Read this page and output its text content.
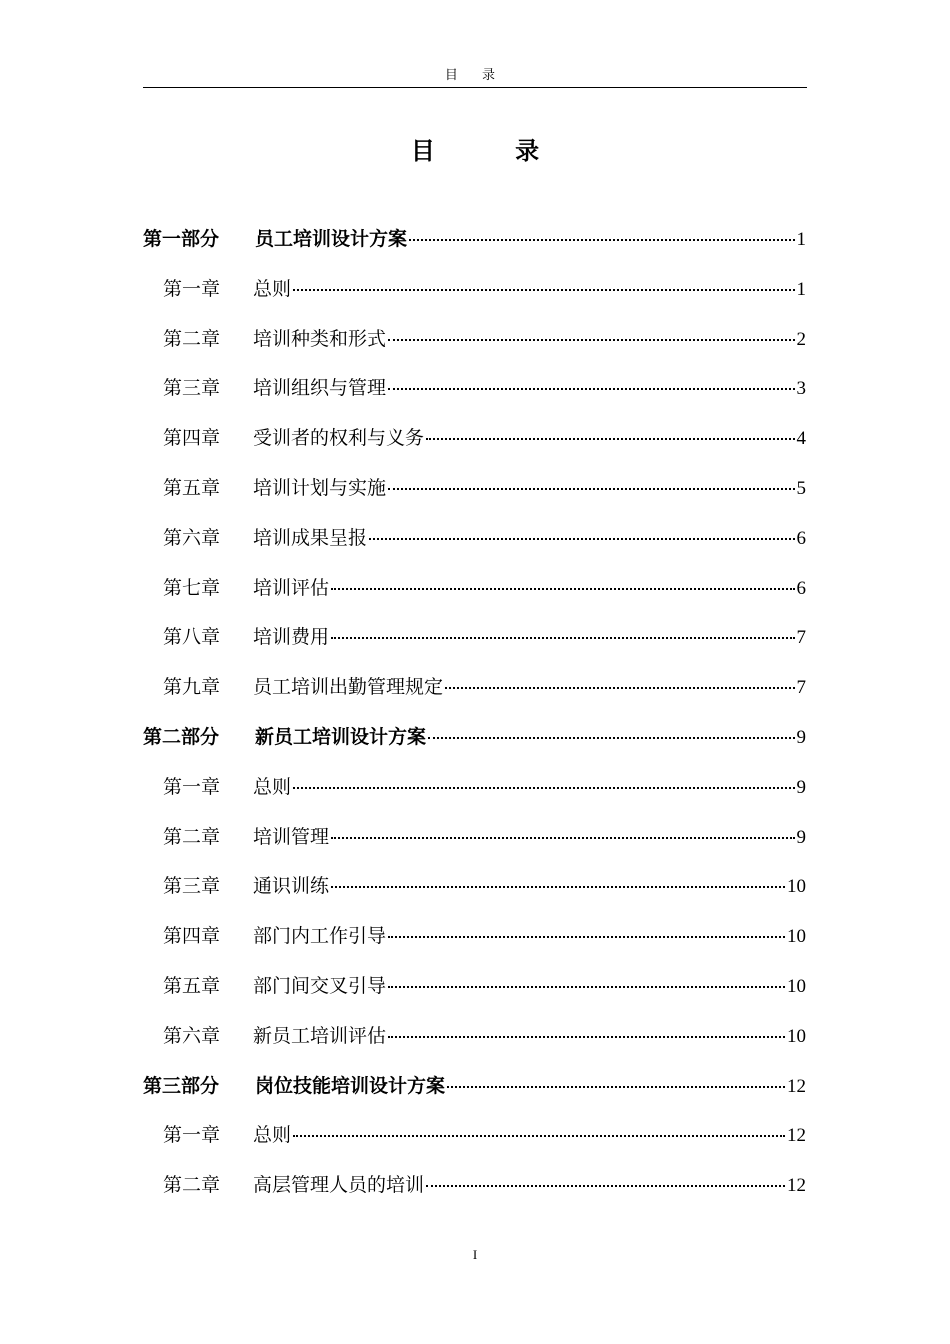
目 录
目 录
第一部分	员工培训设计方案	1
第一章	总则	1
第二章	培训种类和形式	2
第三章	培训组织与管理	3
第四章	受训者的权利与义务	4
第五章	培训计划与实施	5
第六章	培训成果呈报	6
第七章	培训评估	6
第八章	培训费用	7
第九章	员工培训出勤管理规定	7
第二部分	新员工培训设计方案	9
第一章	总则	9
第二章	培训管理	9
第三章	通识训练	10
第四章	部门内工作引导	10
第五章	部门间交叉引导	10
第六章	新员工培训评估	10
第三部分	岗位技能培训设计方案	12
第一章	总则	12
第二章	高层管理人员的培训	12
I
